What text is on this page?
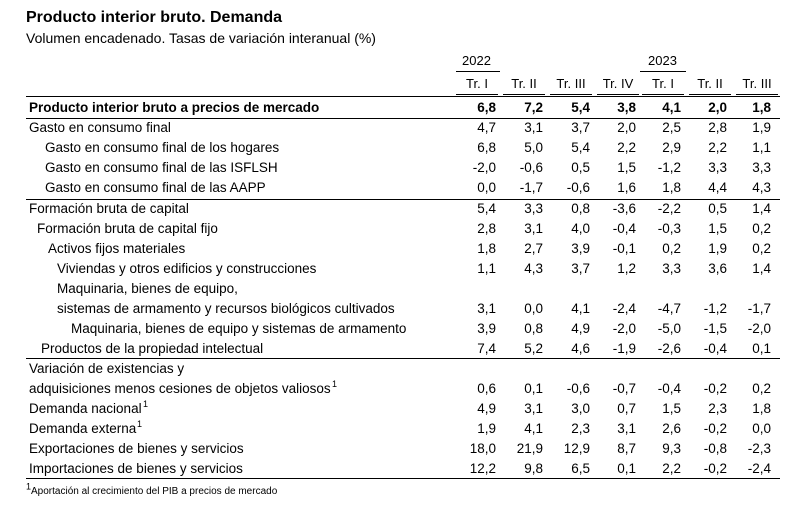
Producto interior bruto. Demanda
Volumen encadenado. Tasas de variación interanual (%)
2022	2023
Tr. I	Tr. II	Tr. III	Tr. IV	Tr. I	Tr. II	Tr. III
Producto interior bruto a precios de mercado	6,8	7,2	5,4	3,8	4,1	2,0	1,8
Gasto en consumo final	4,7	3,1	3,7	2,0	2,5	2,8	1,9
Gasto en consumo final de los hogares	6,8	5,0	5,4	2,2	2,9	2,2	1,1
Gasto en consumo final de las ISFLSH	-2,0	-0,6	0,5	1,5	-1,2	3,3	3,3
Gasto en consumo final de las AAPP	0,0	-1,7	-0,6	1,6	1,8	4,4	4,3
Formación bruta de capital	5,4	3,3	0,8	-3,6	-2,2	0,5	1,4
Formación bruta de capital fijo	2,8	3,1	4,0	-0,4	-0,3	1,5	0,2
Activos fijos materiales	1,8	2,7	3,9	-0,1	0,2	1,9	0,2
Viviendas y otros edificios y construcciones	1,1	4,3	3,7	1,2	3,3	3,6	1,4
Maquinaria, bienes de equipo,
sistemas de armamento y recursos biológicos cultivados	3,1	0,0	4,1	-2,4	-4,7	-1,2	-1,7
Maquinaria, bienes de equipo y sistemas de armamento	3,9	0,8	4,9	-2,0	-5,0	-1,5	-2,0
Productos de la propiedad intelectual	7,4	5,2	4,6	-1,9	-2,6	-0,4	0,1
Variación de existencias y
adquisiciones menos cesiones de objetos valiosos 1	0,6	0,1	-0,6	-0,7	-0,4	-0,2	0,2
Demanda nacional 1	4,9	3,1	3,0	0,7	1,5	2,3	1,8
Demanda externa 1	1,9	4,1	2,3	3,1	2,6	-0,2	0,0
Exportaciones de bienes y servicios	18,0	21,9	12,9	8,7	9,3	-0,8	-2,3
Importaciones de bienes y servicios	12,2	9,8	6,5	0,1	2,2	-0,2	-2,4
1Aportación al crecimiento del PIB a precios de mercado
